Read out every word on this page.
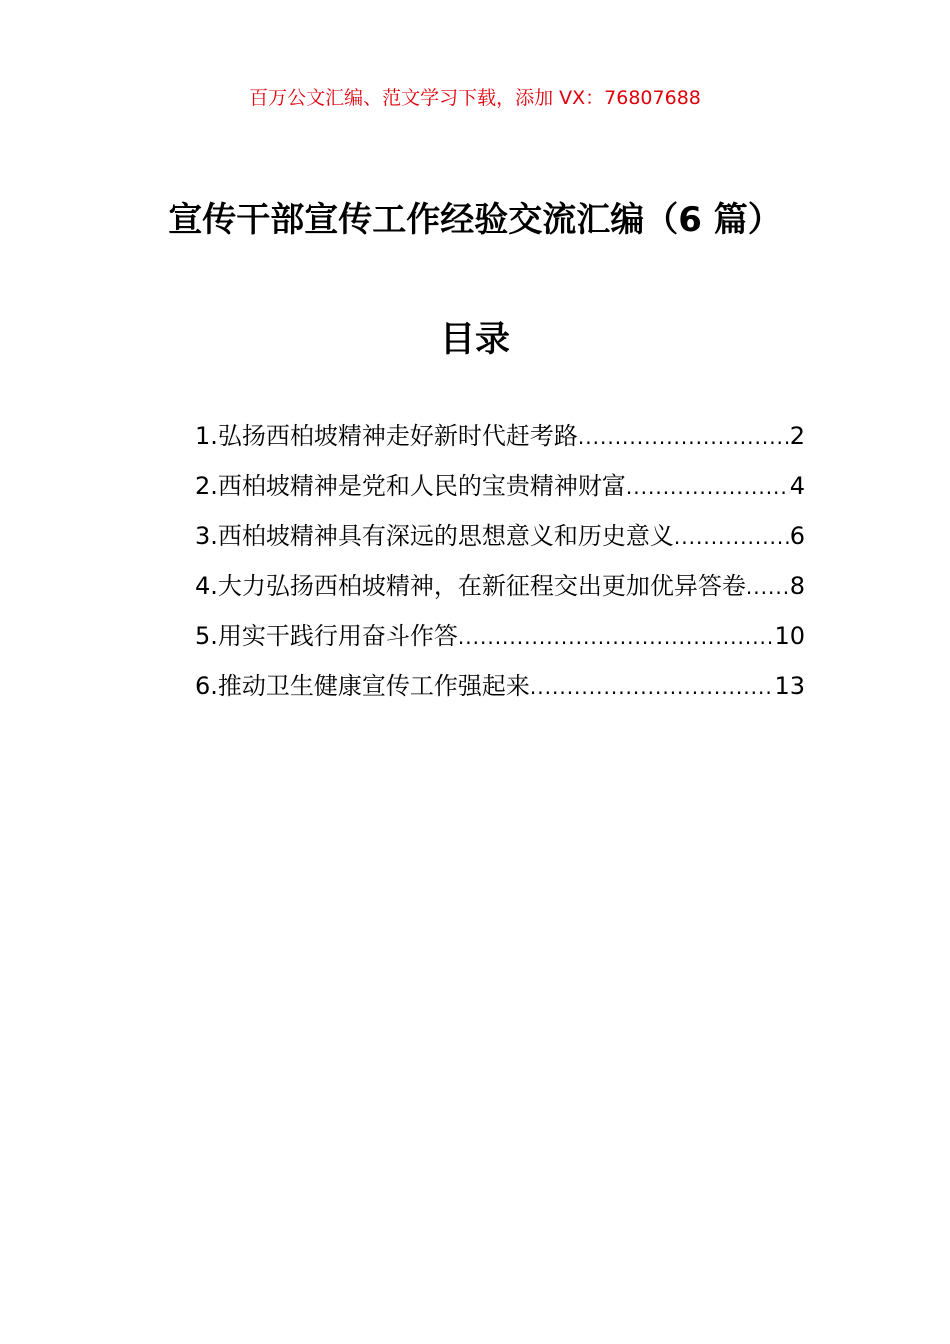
百万公文汇编、范文学习下载，添加 VX：76807688
宣传干部宣传工作经验交流汇编（6 篇）
目录
1. 弘扬西柏坡精神走好新时代赶考路 .....	2
2. 西柏坡精神是党和人民的宝贵精神财富 .....	4
3. 西柏坡精神具有深远的思想意义和历史意义 .....	6
4. 大力弘扬西柏坡精神，在新征程交出更加优异答卷 ..... 8
5. 用实干践行用奋斗作答 .....	10
6. 推动卫生健康宣传工作强起来 .....	13
